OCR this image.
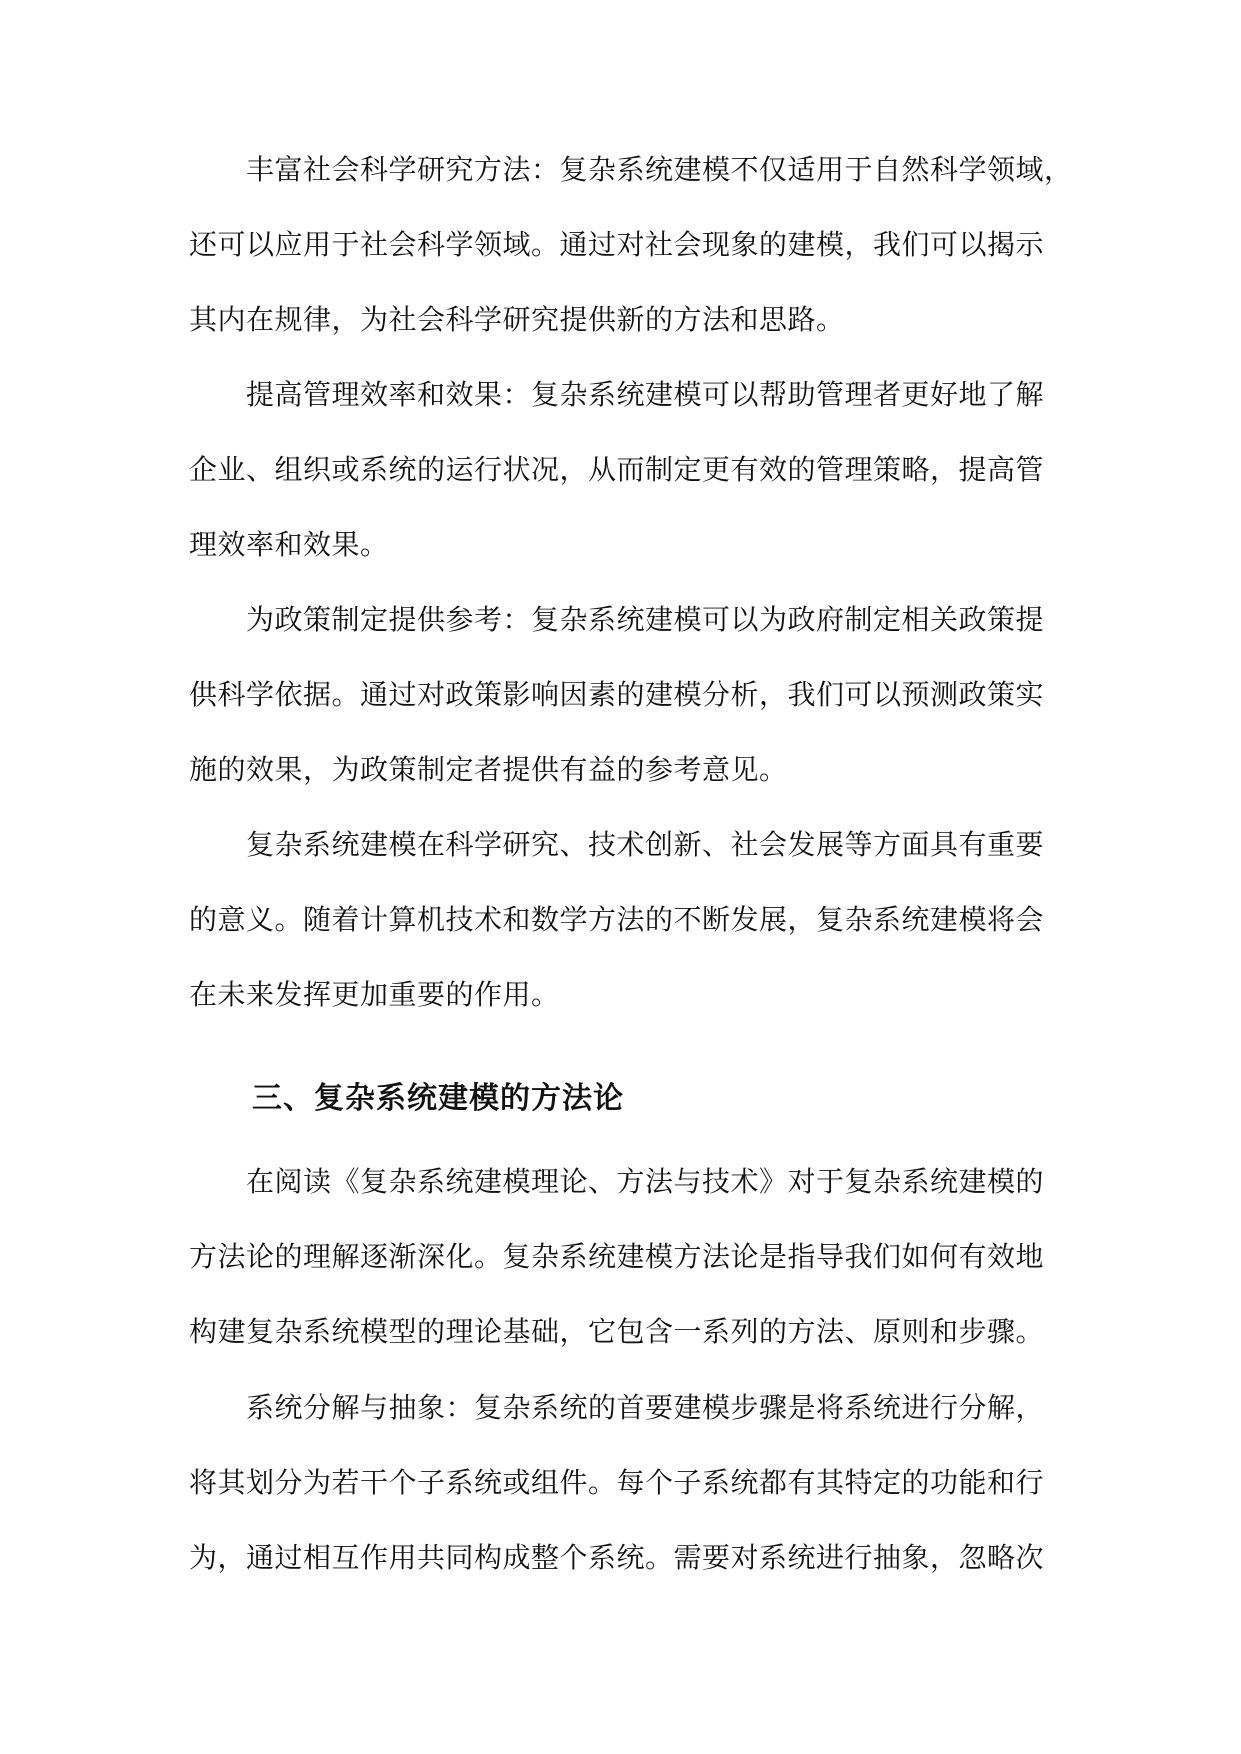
丰富社会科学研究方法：复杂系统建模不仅适用于自然科学领域，
还可以应用于社会科学领域。通过对社会现象的建模，我们可以揭示
其内在规律，为社会科学研究提供新的方法和思路。
提高管理效率和效果：复杂系统建模可以帮助管理者更好地了解
企业、组织或系统的运行状况，从而制定更有效的管理策略，提高管
理效率和效果。
为政策制定提供参考：复杂系统建模可以为政府制定相关政策提
供科学依据。通过对政策影响因素的建模分析，我们可以预测政策实
施的效果，为政策制定者提供有益的参考意见。
复杂系统建模在科学研究、技术创新、社会发展等方面具有重要
的意义。随着计算机技术和数学方法的不断发展，复杂系统建模将会
在未来发挥更加重要的作用。
三、复杂系统建模的方法论
在阅读《复杂系统建模理论、方法与技术》对于复杂系统建模的
方法论的理解逐渐深化。复杂系统建模方法论是指导我们如何有效地
构建复杂系统模型的理论基础，它包含一系列的方法、原则和步骤。
系统分解与抽象：复杂系统的首要建模步骤是将系统进行分解，
将其划分为若干个子系统或组件。每个子系统都有其特定的功能和行
为，通过相互作用共同构成整个系统。需要对系统进行抽象，忽略次
